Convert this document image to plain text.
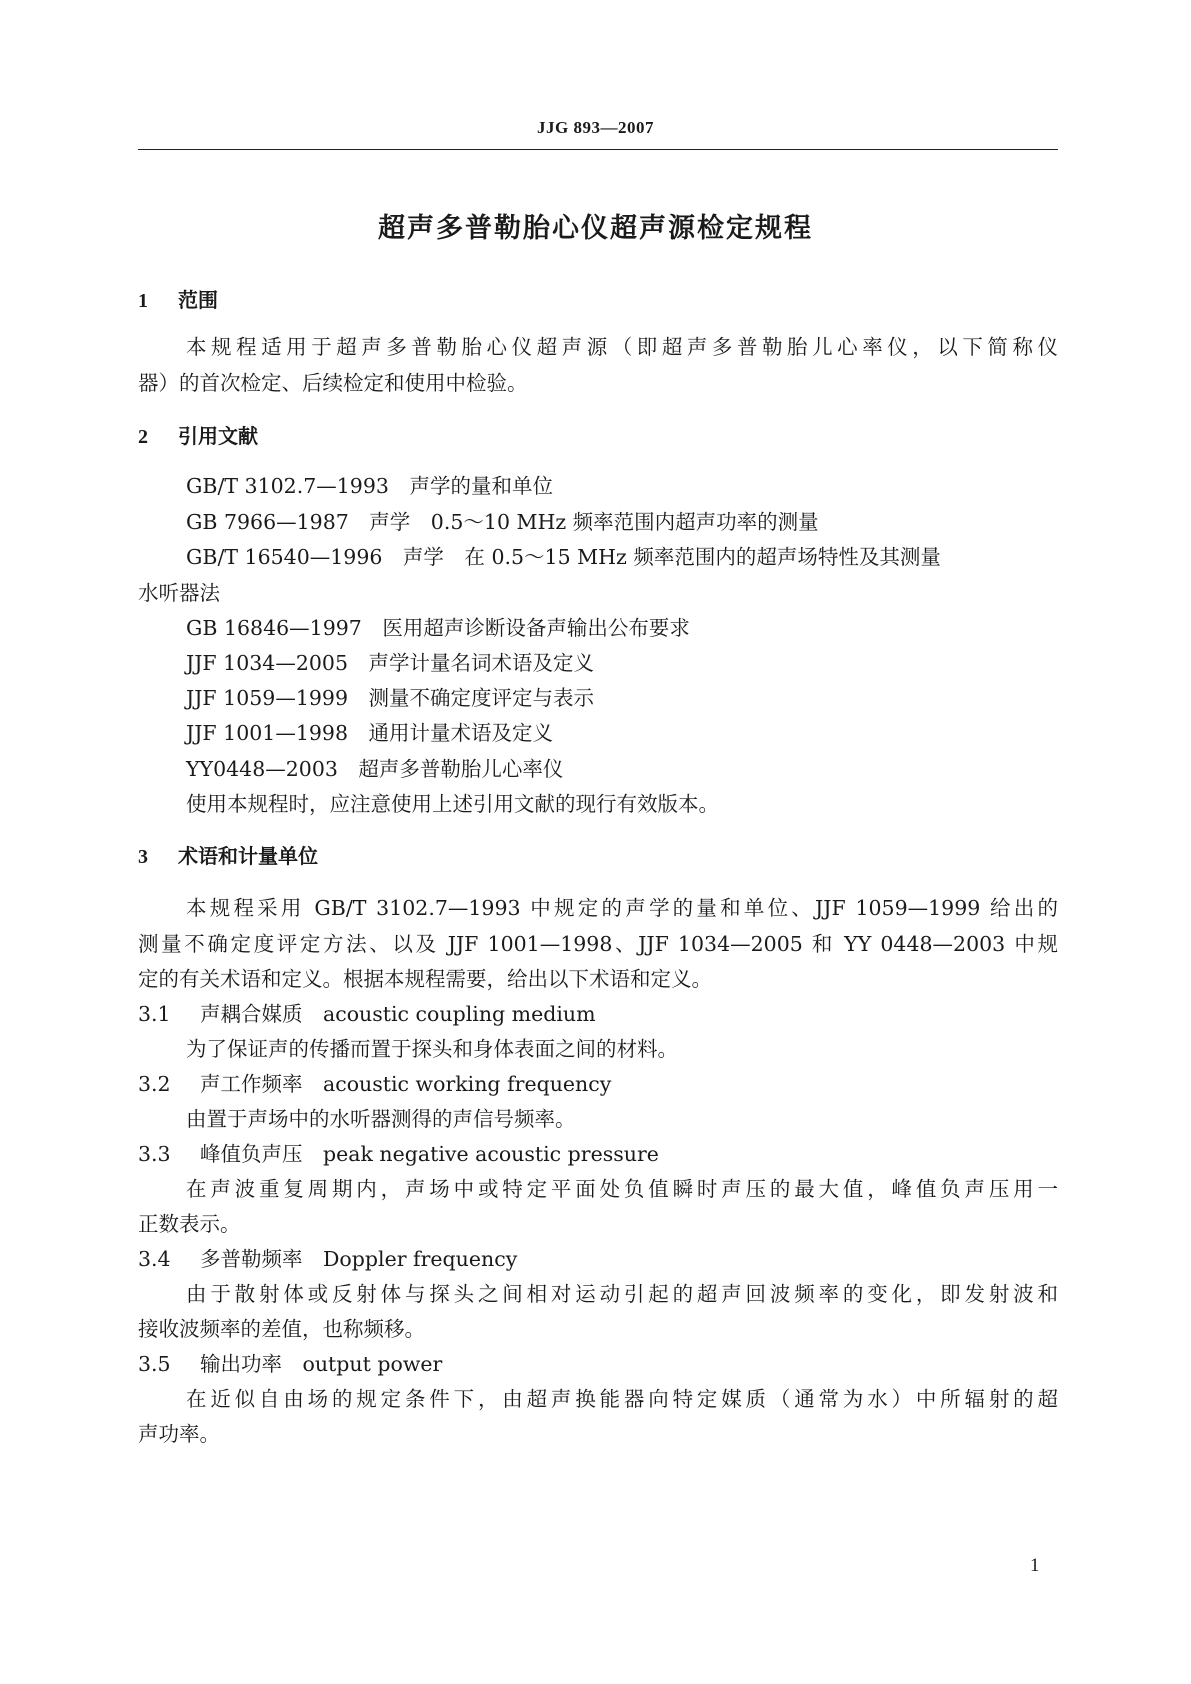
JJG 893—2007
超声多普勒胎心仪超声源检定规程
1 范围
本规程适用于超声多普勒胎心仪超声源（即超声多普勒胎儿心率仪，以下简称仪
器）的首次检定、后续检定和使用中检验。
2 引用文献
GB/T 3102.7—1993　声学的量和单位
GB 7966—1987　声学　0.5～10 MHz 频率范围内超声功率的测量
GB/T 16540—1996　声学　在 0.5～15 MHz 频率范围内的超声场特性及其测量
水听器法
GB 16846—1997　医用超声诊断设备声输出公布要求
JJF 1034—2005　声学计量名词术语及定义
JJF 1059—1999　测量不确定度评定与表示
JJF 1001—1998　通用计量术语及定义
YY0448—2003　超声多普勒胎儿心率仪
使用本规程时，应注意使用上述引用文献的现行有效版本。
3 术语和计量单位
本规程采用 GB/T 3102.7—1993 中规定的声学的量和单位、JJF 1059—1999 给出的
测量不确定度评定方法、以及 JJF 1001—1998、JJF 1034—2005 和 YY 0448—2003 中规
定的有关术语和定义。根据本规程需要，给出以下术语和定义。
3.1 声耦合媒质　acoustic coupling medium
为了保证声的传播而置于探头和身体表面之间的材料。
3.2 声工作频率　acoustic working frequency
由置于声场中的水听器测得的声信号频率。
3.3 峰值负声压　peak negative acoustic pressure
在声波重复周期内，声场中或特定平面处负值瞬时声压的最大值，峰值负声压用一
正数表示。
3.4 多普勒频率　Doppler frequency
由于散射体或反射体与探头之间相对运动引起的超声回波频率的变化，即发射波和
接收波频率的差值，也称频移。
3.5 输出功率　output power
在近似自由场的规定条件下，由超声换能器向特定媒质（通常为水）中所辐射的超
声功率。
1
